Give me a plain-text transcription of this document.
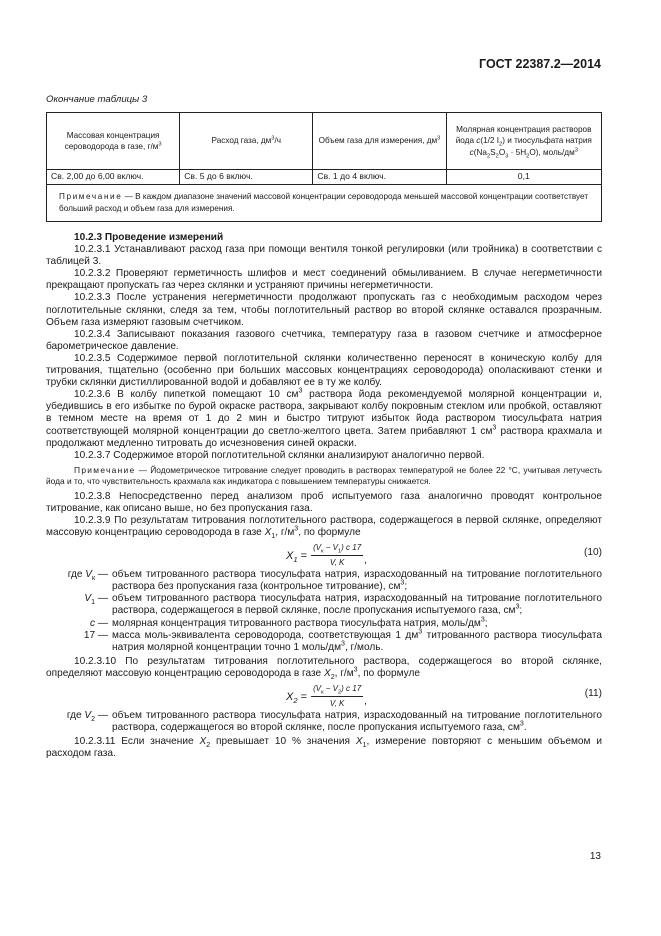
ГОСТ 22387.2—2014
Окончание таблицы 3
Массовая концентрация сероводорода в газе, $г/м^3$	Расход газа, $дм^3/ч$	Объем газа для измерения, $дм^3$	Молярная концентрация растворов йода c(1/2 $I_2$) и тиосульфата натрия $c(Na_2S_2O_3 \cdot 5H_2O)$, моль/$дм^3$
Св. 2,00 до 6,00 включ.	Св. 5 до 6 включ.	Св. 1 до 4 включ.	0,1
Примечание — В каждом диапазоне значений массовой концентрации сероводорода меньшей массовой концентрации соответствует больший расход и объем газа для измерения.			

10.2.3 Проведение измерений

10.2.3.1 Устанавливают расход газа при помощи вентиля тонкой регулировки (или тройника) в соответствии с таблицей 3.

10.2.3.2 Проверяют герметичность шлифов и мест соединений обмыливанием. В случае негерметичности прекращают пропускать газ через склянки и устраняют причины негерметичности.

10.2.3.3 После устранения негерметичности продолжают пропускать газ с необходимым расходом через поглотительные склянки, следя за тем, чтобы поглотительный раствор во второй склянке оставался прозрачным. Объем газа измеряют газовым счетчиком.

10.2.3.4 Записывают показания газового счетчика, температуру газа в газовом счетчике и атмосферное барометрическое давление.

10.2.3.5 Содержимое первой поглотительной склянки количественно переносят в коническую колбу для титрования, тщательно (особенно при больших массовых концентрациях сероводорода) ополаскивают стенки и трубки склянки дистиллированной водой и добавляют ее в ту же колбу.

10.2.3.6 В колбу пипеткой помещают 10 $см^3$ раствора йода рекомендуемой молярной концентрации и, убедившись в его избытке по бурой окраске раствора, закрывают колбу покровным стеклом или пробкой, оставляют в темном месте на время от 1 до 2 мин и быстро титруют избыток йода раствором тиосульфата натрия соответствующей молярной концентрации до светло-желтого цвета. Затем прибавляют 1 $см^3$ раствора крахмала и продолжают медленно титровать до исчезновения синей окраски.

10.2.3.7 Содержимое второй поглотительной склянки анализируют аналогично первой.

Примечание — Йодометрическое титрование следует проводить в растворах температурой не более 22 °С, учитывая летучесть йода и то, что чувствительность крахмала как индикатора с повышением температуры снижается.

10.2.3.8 Непосредственно перед анализом проб испытуемого газа аналогично проводят контрольное титрование, как описано выше, но без пропускания газа.

10.2.3.9 По результатам титрования поглотительного раствора, содержащегося в первой склянке, определяют массовую концентрацию сероводорода в газе $X_1$, $г/м^3$, по формуле

$X_1 = \frac{(V_к - V_1) c 17}{V, K}$ ,
(10)
где $V_к$ — объем титрованного раствора тиосульфата натрия, израсходованный на титрование поглотительного раствора без пропускания газа (контрольное титрование), $см^3$;
$V_1$ — объем титрованного раствора тиосульфата натрия, израсходованный на титрование поглотительного раствора, содержащегося в первой склянке, после пропускания испытуемого газа, $см^3$;
c — молярная концентрация титрованного раствора тиосульфата натрия, моль/$дм^3$;
17 — масса моль-эквивалента сероводорода, соответствующая 1 $дм^3$ титрованного раствора тиосульфата натрия молярной концентрации точно 1 моль/$дм^3$, г/моль.

10.2.3.10 По результатам титрования поглотительного раствора, содержащегося во второй склянке, определяют массовую концентрацию сероводорода в газе $X_2$, $г/м^3$, по формуле

$X_2 = \frac{(V_к - V_2) c 17}{V, K}$ ,
(11)
где $V_2$ — объем титрованного раствора тиосульфата натрия, израсходованный на титрование поглотительного раствора, содержащегося во второй склянке, после пропускания испытуемого газа, $см^3$.

10.2.3.11 Если значение $X_2$ превышает 10 % значения $X_1$, измерение повторяют с меньшим объемом и расходом газа.

13
